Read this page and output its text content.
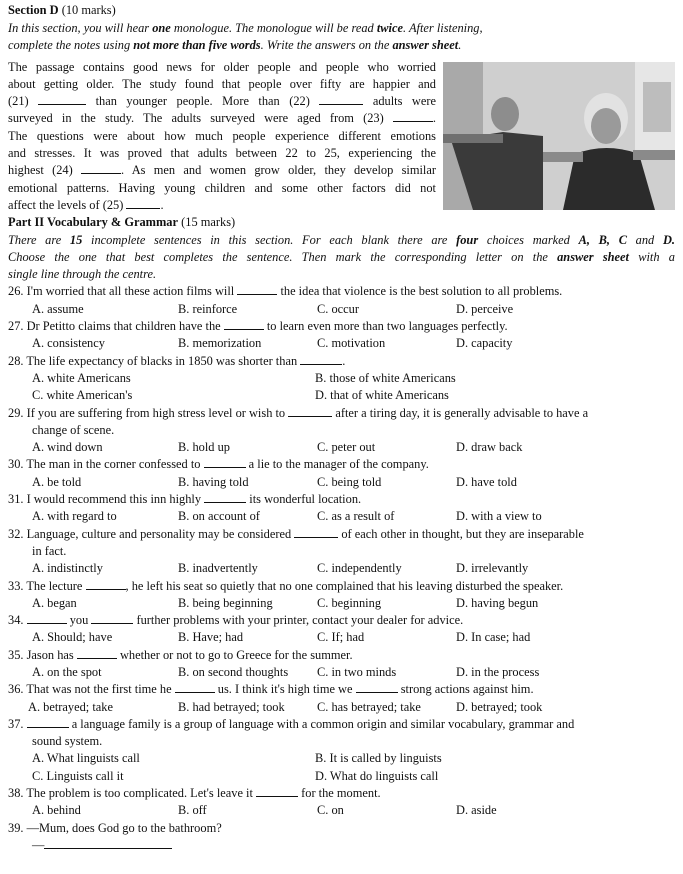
Section D (10 marks)
In this section, you will hear one monologue. The monologue will be read twice. After listening,
complete the notes using not more than five words. Write the answers on the answer sheet.
The passage contains good news for older people and people who worried
about getting older. The study found that people over fifty are happier and
(21)	than younger people. More than (22)	adults were
surveyed in the study. The adults surveyed were aged from (23)	.
The questions were about how much people experience different emotions
and stresses. It was proved that adults between 22 to 25, experiencing the
highest (24)	. As men and women grow older, they develop similar
emotional patterns. Having young children and some other factors did not
affect the levels of (25)	.
Part II Vocabulary & Grammar (15 marks)
There are 15 incomplete sentences in this section. For each blank there are four choices marked A, B, C and D.
Choose the one that best completes the sentence. Then mark the corresponding letter on the answer sheet with a
single line through the centre.
26. I'm worried that all these action films will	the idea that violence is the best solution to all problems.
A. assume	B. reinforce	C. occur	D. perceive
27. Dr Petitto claims that children have the	to learn even more than two languages perfectly.
A. consistency	B. memorization	C. motivation	D. capacity
28. The life expectancy of blacks in 1850 was shorter than	.
A. white Americans	B. those of white Americans
C. white American's	D. that of white Americans
29. If you are suffering from high stress level or wish to	after a tiring day, it is generally advisable to have a
change of scene.
A. wind down	B. hold up	C. peter out	D. draw back
30. The man in the corner confessed to	a lie to the manager of the company.
A. be told	B. having told	C. being told	D. have told
31. I would recommend this inn highly	its wonderful location.
A. with regard to	B. on account of	C. as a result of	D. with a view to
32. Language, culture and personality may be considered	of each other in thought, but they are inseparable
in fact.
A. indistinctly	B. inadvertently	C. independently	D. irrelevantly
33. The lecture	, he left his seat so quietly that no one complained that his leaving disturbed the speaker.
A. began	B. being beginning	C. beginning	D. having begun
34.	you	further problems with your printer, contact your dealer for advice.
A. Should; have	B. Have; had	C. If; had	D. In case; had
35. Jason has	whether or not to go to Greece for the summer.
A. on the spot	B. on second thoughts C. in two minds	D. in the process
36. That was not the first time he	us. I think it's high time we	strong actions against him.
A. betrayed; take	B. had betrayed; took	C. has betrayed; take	D. betrayed; took
37.	a language family is a group of language with a common origin and similar vocabulary, grammar and
sound system.
A. What linguists call	B. It is called by linguists
C. Linguists call it	D. What do linguists call
38. The problem is too complicated. Let's leave it	for the moment.
A. behind	B. off	C. on	D. aside
39. —Mum, does God go to the bathroom?
—
